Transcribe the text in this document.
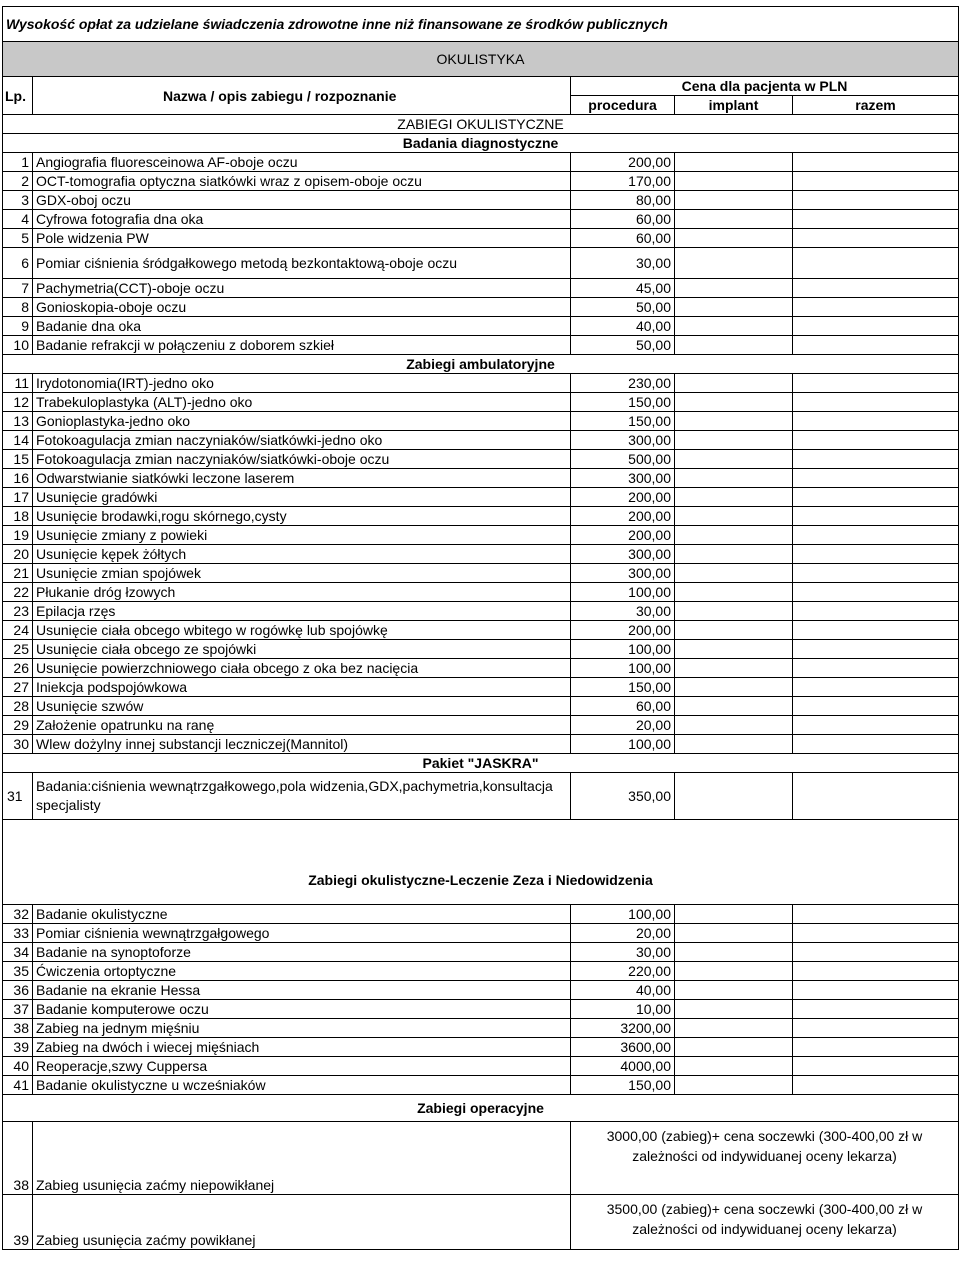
Wysokość opłat za udzielane świadczenia zdrowotne inne niż finansowane ze środków publicznych				
OKULISTYKA				
Lp.	Nazwa / opis zabiegu / rozpoznanie	Cena dla pacjenta w PLN		
		procedura	implant	razem
ZABIEGI OKULISTYCZNE				
Badania diagnostyczne				
1	Angiografia fluoresceinowa AF-oboje oczu	200,00		
2	OCT-tomografia optyczna siatkówki wraz z opisem-oboje oczu	170,00		
3	GDX-oboj oczu	80,00		
4	Cyfrowa fotografia dna oka	60,00		
5	Pole widzenia PW	60,00		
6	Pomiar ciśnienia śródgałkowego metodą bezkontaktową-oboje oczu	30,00		
7	Pachymetria(CCT)-oboje oczu	45,00		
8	Gonioskopia-oboje oczu	50,00		
9	Badanie dna oka	40,00		
10	Badanie refrakcji w połączeniu z doborem szkieł	50,00		
Zabiegi ambulatoryjne				
11	Irydotonomia(IRT)-jedno oko	230,00		
12	Trabekuloplastyka (ALT)-jedno oko	150,00		
13	Gonioplastyka-jedno oko	150,00		
14	Fotokoagulacja zmian naczyniaków/siatkówki-jedno oko	300,00		
15	Fotokoagulacja zmian naczyniaków/siatkówki-oboje oczu	500,00		
16	Odwarstwianie siatkówki leczone laserem	300,00		
17	Usunięcie gradówki	200,00		
18	Usunięcie brodawki,rogu skórnego,cysty	200,00		
19	Usunięcie zmiany z powieki	200,00		
20	Usunięcie kępek żółtych	300,00		
21	Usunięcie zmian spojówek	300,00		
22	Płukanie dróg łzowych	100,00		
23	Epilacja rzęs	30,00		
24	Usunięcie ciała obcego wbitego w rogówkę lub spojówkę	200,00		
25	Usunięcie ciała obcego ze spojówki	100,00		
26	Usunięcie powierzchniowego ciała obcego z oka bez nacięcia	100,00		
27	Iniekcja podspojówkowa	150,00		
28	Usunięcie szwów	60,00		
29	Założenie opatrunku na ranę	20,00		
30	Wlew dożylny innej substancji leczniczej(Mannitol)	100,00		
Pakiet "JASKRA"				
31	Badania:ciśnienia wewnątrzgałkowego,pola widzenia,GDX,pachymetria,konsultacja specjalisty	350,00		
Zabiegi okulistyczne-Leczenie Zeza i Niedowidzenia				
32	Badanie okulistyczne	100,00		
33	Pomiar ciśnienia wewnątrzgałgowego	20,00		
34	Badanie na synoptoforze	30,00		
35	Ćwiczenia ortoptyczne	220,00		
36	Badanie na ekranie Hessa	40,00		
37	Badanie komputerowe oczu	10,00		
38	Zabieg na jednym mięśniu	3200,00		
39	Zabieg na dwóch i wiecej mięśniach	3600,00		
40	Reoperacje,szwy Cuppersa	4000,00		
41	Badanie okulistyczne u wcześniaków	150,00		
Zabiegi operacyjne				
38	Zabieg usunięcia zaćmy niepowikłanej	3000,00 (zabieg)+ cena soczewki (300-400,00 zł w zależności od indywiduanej oceny lekarza)		
39	Zabieg usunięcia zaćmy powikłanej	3500,00 (zabieg)+ cena soczewki (300-400,00 zł w zależności od indywiduanej oceny lekarza)		
